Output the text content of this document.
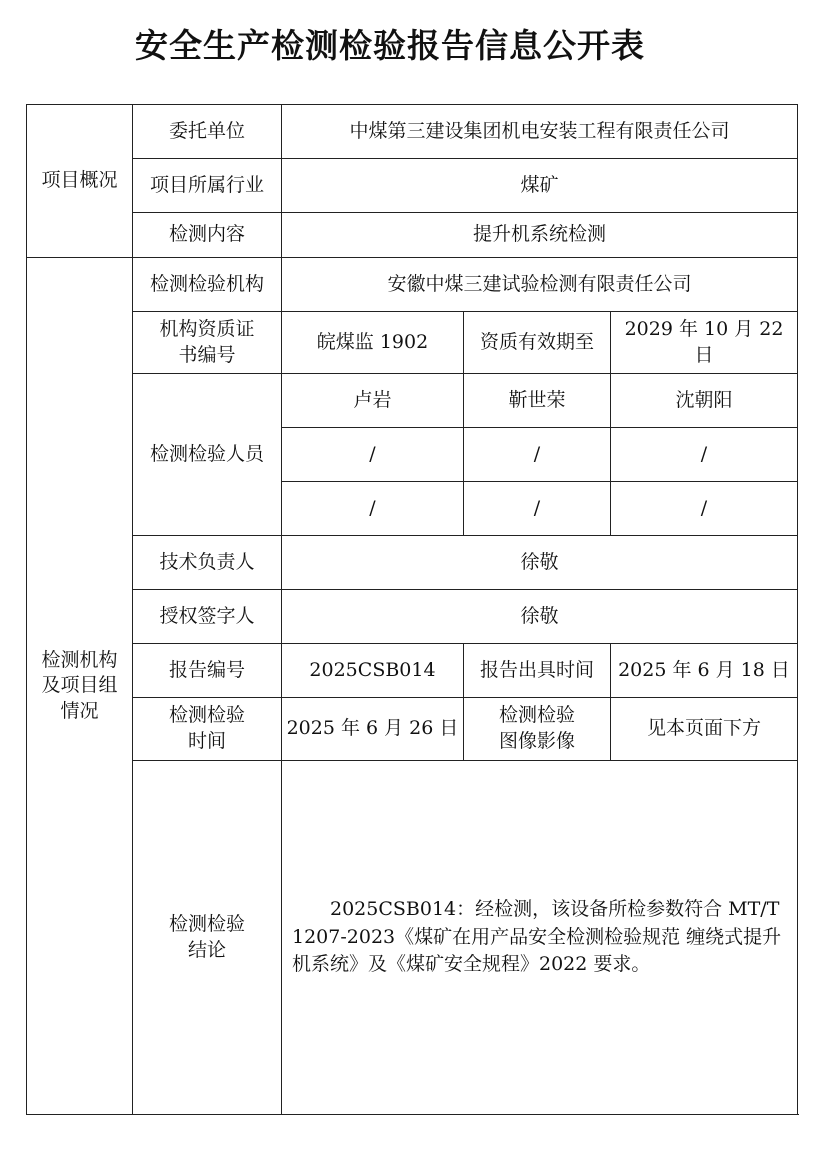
安全生产检测检验报告信息公开表
项目概况	委托单位	中煤第三建设集团机电安装工程有限责任公司		
	项目所属行业	煤矿		
	检测内容	提升机系统检测		
检测机构及项目组情况	检测检验机构	安徽中煤三建试验检测有限责任公司		
	机构资质证书编号	皖煤监 1902	资质有效期至	2029 年 10 月 22 日
	检测检验人员	卢岩	靳世荣	沈朝阳
		/	/	/
		/	/	/
	技术负责人	徐敬		
	授权签字人	徐敬		
	报告编号	2025CSB014	报告出具时间	2025 年 6 月 18 日
	检测检验时间	2025 年 6 月 26 日	检测检验图像影像	见本页面下方
	检测检验结论	2025CSB014：经检测，该设备所检参数符合 MT/T 1207-2023《煤矿在用产品安全检测检验规范 缠绕式提升机系统》及《煤矿安全规程》2022 要求。		
